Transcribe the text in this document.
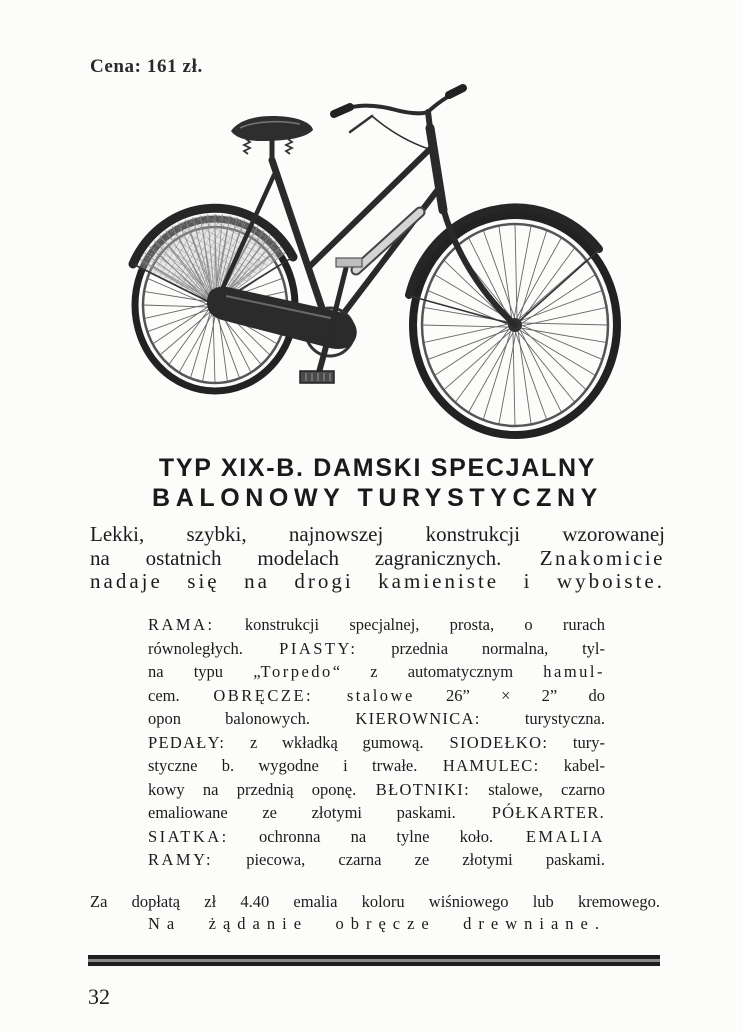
Cena: 161 zł.
TYP XIX-B. DAMSKI SPECJALNY
BALONOWY TURYSTYCZNY
Lekki, szybki, najnowszej konstrukcji wzorowanej
na ostatnich modelach zagranicznych. Znakomicie
nadaje się na drogi kamieniste i wyboiste.
RAMA: konstrukcji specjalnej, prosta, o rurach
równoległych. PIASTY: przednia normalna, tyl-
na typu „Torpedo“ z automatycznym hamul-
cem. OBRĘCZE: stalowe 26” × 2” do
opon balonowych. KIEROWNICA: turystyczna.
PEDAŁY: z wkładką gumową. SIODEŁKO: tury-
styczne b. wygodne i trwałe. HAMULEC: kabel-
kowy na przednią oponę. BŁOTNIKI: stalowe, czarno
emaliowane ze złotymi paskami. PÓŁKARTER.
SIATKA: ochronna na tylne koło. EMALIA
RAMY: piecowa, czarna ze złotymi paskami.
Za dopłatą zł 4.40 emalia koloru wiśniowego lub kremowego.
Na żądanie obręcze drewniane.
32
